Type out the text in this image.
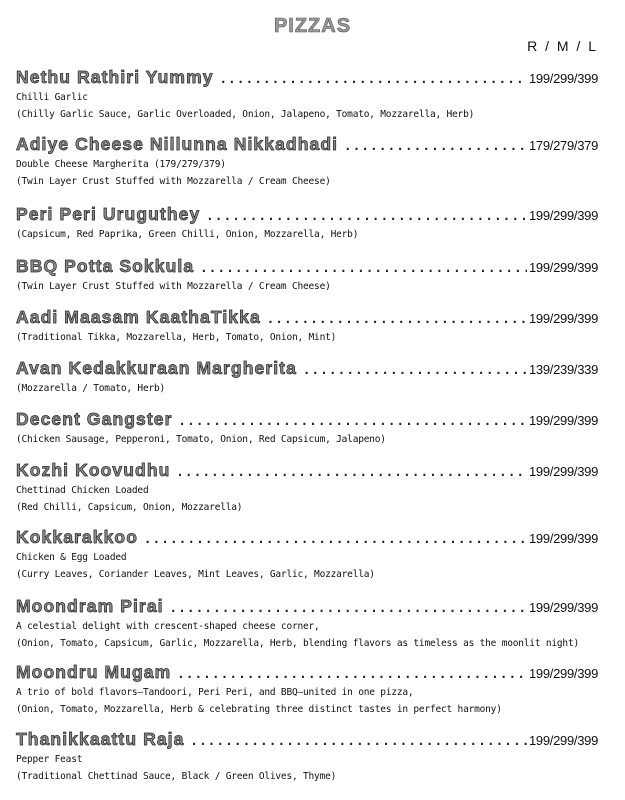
PIZZAS
R / M / L
Nethu Rathiri Yummy .....	199/299/399
Chilli Garlic
(Chilly Garlic Sauce, Garlic Overloaded, Onion, Jalapeno, Tomato, Mozzarella, Herb)
Adiye Cheese Nillunna Nikkadhadi .....	179/279/379
Double Cheese Margherita (179/279/379)
(Twin Layer Crust Stuffed with Mozzarella / Cream Cheese)
Peri Peri Uruguthey .....	199/299/399
(Capsicum, Red Paprika, Green Chilli, Onion, Mozzarella, Herb)
BBQ Potta Sokkula .....	199/299/399
(Twin Layer Crust Stuffed with Mozzarella / Cream Cheese)
Aadi Maasam KaathaTikka .....	199/299/399
(Traditional Tikka, Mozzarella, Herb, Tomato, Onion, Mint)
Avan Kedakkuraan Margherita .....	139/239/339
(Mozzarella / Tomato, Herb)
Decent Gangster .....	199/299/399
(Chicken Sausage, Pepperoni, Tomato, Onion, Red Capsicum, Jalapeno)
Kozhi Koovudhu .....	199/299/399
Chettinad Chicken Loaded
(Red Chilli, Capsicum, Onion, Mozzarella)
Kokkarakkoo .....	199/299/399
Chicken & Egg Loaded
(Curry Leaves, Coriander Leaves, Mint Leaves, Garlic, Mozzarella)
Moondram Pirai .....	199/299/399
A celestial delight with crescent-shaped cheese corner,
(Onion, Tomato, Capsicum, Garlic, Mozzarella, Herb, blending flavors as timeless as the moonlit night)
Moondru Mugam .....	199/299/399
A trio of bold flavors—Tandoori, Peri Peri, and BBQ—united in one pizza,
(Onion, Tomato, Mozzarella, Herb & celebrating three distinct tastes in perfect harmony)
Thanikkaattu Raja .....	199/299/399
Pepper Feast
(Traditional Chettinad Sauce, Black / Green Olives, Thyme)
